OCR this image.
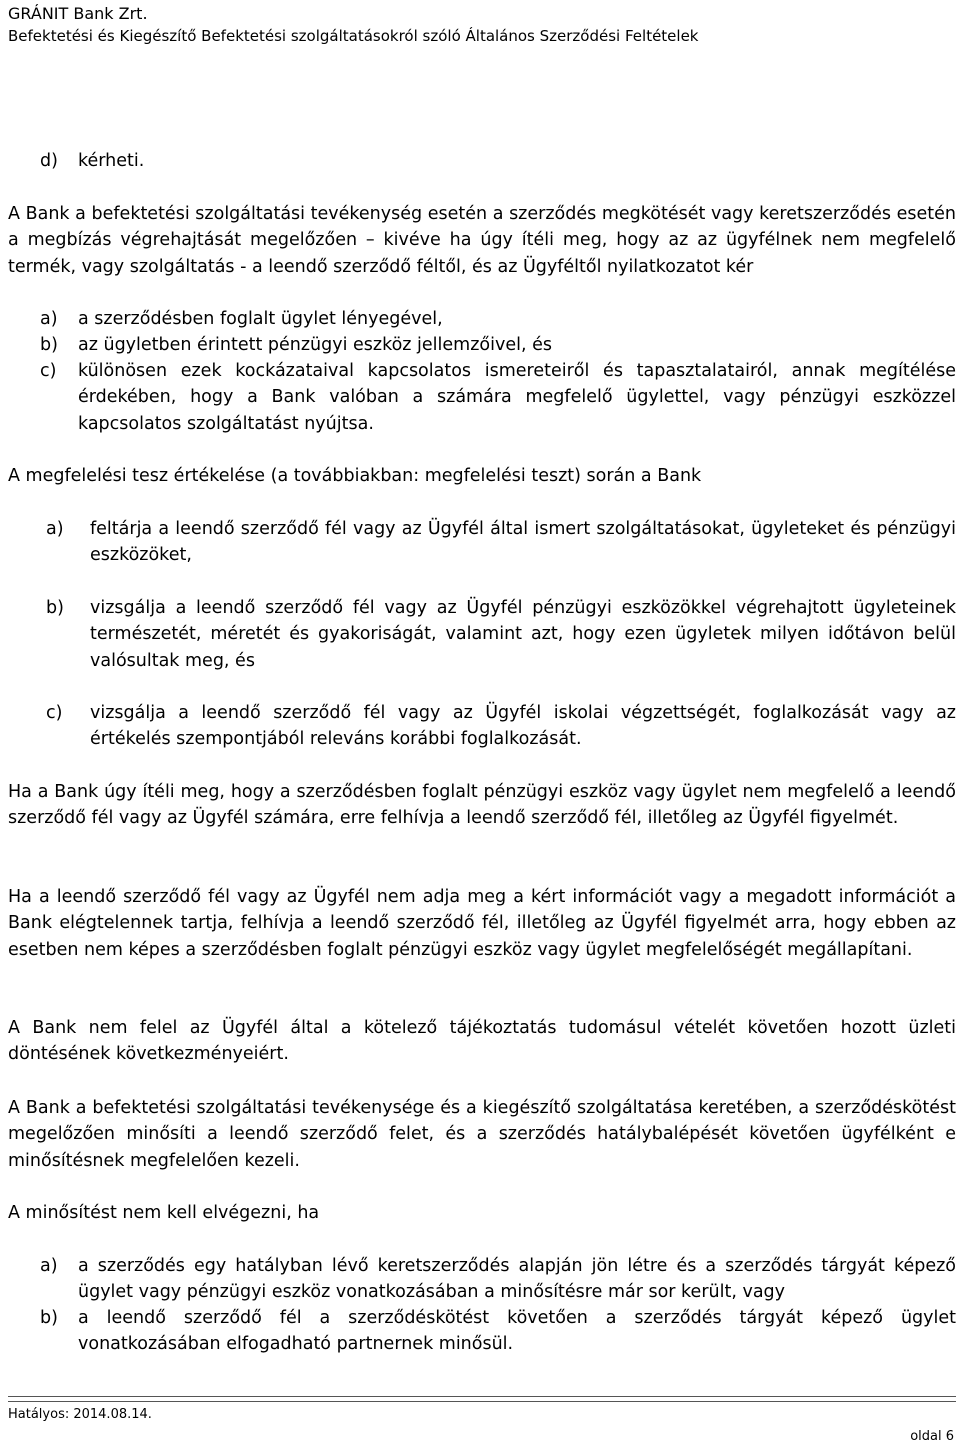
GRÁNIT Bank Zrt.
Befektetési és Kiegészítő Befektetési szolgáltatásokról szóló Általános Szerződési Feltételek
d) kérheti.
A Bank a befektetési szolgáltatási tevékenység esetén a szerződés megkötését vagy keretszerződés esetén a megbízás végrehajtását megelőzően – kivéve ha úgy ítéli meg, hogy az az ügyfélnek nem megfelelő termék, vagy szolgáltatás - a leendő szerződő féltől, és az Ügyféltől nyilatkozatot kér
a) a szerződésben foglalt ügylet lényegével,
b) az ügyletben érintett pénzügyi eszköz jellemzőivel, és
c) különösen ezek kockázataival kapcsolatos ismereteiről és tapasztalatairól, annak megítélése érdekében, hogy a Bank valóban a számára megfelelő ügylettel, vagy pénzügyi eszközzel kapcsolatos szolgáltatást nyújtsa.
A megfelelési tesz értékelése (a továbbiakban: megfelelési teszt) során a Bank
a) feltárja a leendő szerződő fél vagy az Ügyfél által ismert szolgáltatásokat, ügyleteket és pénzügyi eszközöket,
b) vizsgálja a leendő szerződő fél vagy az Ügyfél pénzügyi eszközökkel végrehajtott ügyleteinek természetét, méretét és gyakoriságát, valamint azt, hogy ezen ügyletek milyen időtávon belül valósultak meg, és
c) vizsgálja a leendő szerződő fél vagy az Ügyfél iskolai végzettségét, foglalkozását vagy az értékelés szempontjából releváns korábbi foglalkozását.
Ha a Bank úgy ítéli meg, hogy a szerződésben foglalt pénzügyi eszköz vagy ügylet nem megfelelő a leendő szerződő fél vagy az Ügyfél számára, erre felhívja a leendő szerződő fél, illetőleg az Ügyfél figyelmét.
Ha a leendő szerződő fél vagy az Ügyfél nem adja meg a kért információt vagy a megadott információt a Bank elégtelennek tartja, felhívja a leendő szerződő fél, illetőleg az Ügyfél figyelmét arra, hogy ebben az esetben nem képes a szerződésben foglalt pénzügyi eszköz vagy ügylet megfelelőségét megállapítani.
A Bank nem felel az Ügyfél által a kötelező tájékoztatás tudomásul vételét követően hozott üzleti döntésének következményeiért.
A Bank a befektetési szolgáltatási tevékenysége és a kiegészítő szolgáltatása keretében, a szerződéskötést megelőzően minősíti a leendő szerződő felet, és a szerződés hatálybalépését követően ügyfélként e minősítésnek megfelelően kezeli.
A minősítést nem kell elvégezni, ha
a) a szerződés egy hatályban lévő keretszerződés alapján jön létre és a szerződés tárgyát képező ügylet vagy pénzügyi eszköz vonatkozásában a minősítésre már sor került, vagy
b) a leendő szerződő fél a szerződéskötést követően a szerződés tárgyát képező ügylet vonatkozásában elfogadható partnernek minősül.
Hatályos: 2014.08.14.
oldal 6
